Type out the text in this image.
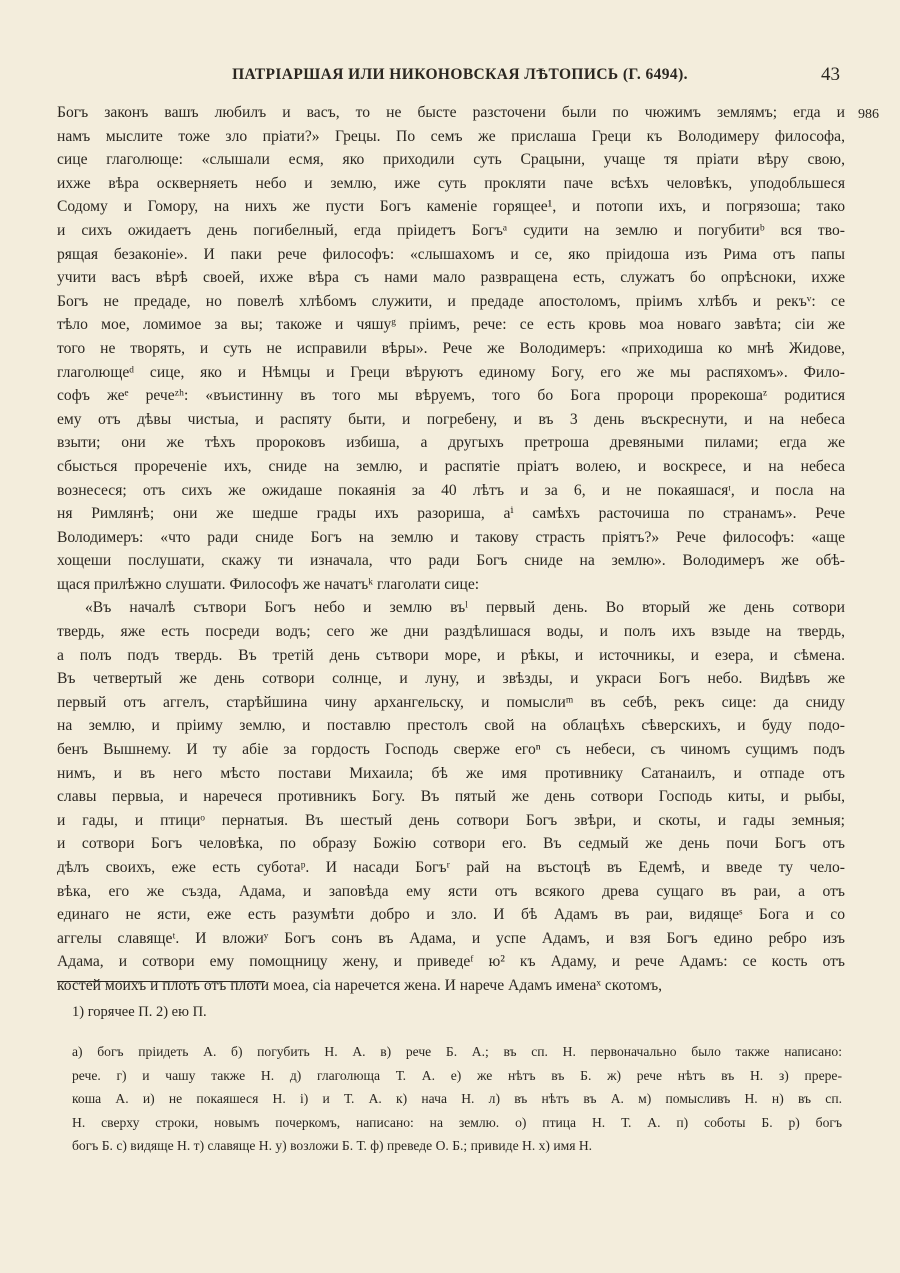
ПАТРІАРШАЯ ИЛИ НИКОНОВСКАЯ ЛѢТОПИСЬ (Г. 6494).	43
986
Богъ законъ вашъ любилъ и васъ, то не бысте разсточени были по чюжимъ землямъ; егда и
намъ мыслите тоже зло пріати?» Грецы. По семъ же прислаша Греци къ Володимеру философа,
сице глаголюще: «слышали есмя, яко приходили суть Срацыни, учаще тя пріати вѣру свою,
ихже вѣра оскверняеть небо и землю, иже суть прокляти паче всѣхъ человѣкъ, уподобльшеся
Содому и Гомору, на нихъ же пусти Богъ каменіе горящее¹, и потопи ихъ, и погрязоша; тако
и сихъ ожидаетъ день погибелный, егда пріидетъ Богъᵃ судити на землю и погубитиᵇ вся тво-
рящая безаконіе». И паки рече философъ: «слышахомъ и се, яко пріидоша изъ Рима отъ папы
учити васъ вѣрѣ своей, ихже вѣра съ нами мало развращена есть, служатъ бо опрѣсноки, ихже
Богъ не предаде, но повелѣ хлѣбомъ служити, и предаде апостоломъ, пріимъ хлѣбъ и рекъᵛ: се
тѣло мое, ломимое за вы; такоже и чяшуᵍ пріимъ, рече: се есть кровь моа новаго завѣта; сіи же
того не творять, и суть не исправили вѣры». Рече же Володимеръ: «приходиша ко мнѣ Жидове,
глаголющеᵈ сице, яко и Нѣмцы и Греци вѣруютъ единому Богу, его же мы распяхомъ». Фило-
софъ жеᵉ речеᶻʰ: «въистинну въ того мы вѣруемъ, того бо Бога пророци прорекошаᶻ родитися
ему отъ дѣвы чистыа, и распяту быти, и погребену, и въ 3 день въскреснути, и на небеса
взыти; они же тѣхъ пророковъ избиша, а другыхъ претроша древяными пилами; егда же
сбысться прореченіе ихъ, сниде на землю, и распятіе пріатъ волею, и воскресе, и на небеса
вознесеся; отъ сихъ же ожидаше покаянія за 40 лѣтъ и за 6, и не покаяшасяᶦ, и посла на
ня Римлянѣ; они же шедше грады ихъ разориша, аⁱ самѣхъ расточиша по странамъ». Рече
Володимеръ: «что ради сниде Богъ на землю и такову страсть пріятъ?» Рече философъ: «аще
хощеши послушати, скажу ти изначала, что ради Богъ сниде на землю». Володимеръ же обѣ-
щася прилѣжно слушати. Философъ же начатъᵏ глаголати сице:
«Въ началѣ сътвори Богъ небо и землю въˡ первый день. Во вторый же день сотвори
твердь, яже есть посреди водъ; сего же дни раздѣлишася воды, и полъ ихъ взыде на твердь,
а полъ подъ твердь. Въ третій день сътвори море, и рѣкы, и источникы, и езера, и сѣмена.
Въ четвертый же день сотвори солнце, и луну, и звѣзды, и украси Богъ небо. Видѣвъ же
первый отъ аггелъ, старѣйшина чину архангельску, и помыслиᵐ въ себѣ, рекъ сице: да сниду
на землю, и пріиму землю, и поставлю престолъ свой на облацѣхъ сѣверскихъ, и буду подо-
бенъ Вышнему. И ту абіе за гордость Господь сверже егоⁿ съ небеси, съ чиномъ сущимъ подъ
нимъ, и въ него мѣсто постави Михаила; бѣ же имя противнику Сатанаилъ, и отпаде отъ
славы первыа, и наречеся противникъ Богу. Въ пятый же день сотвори Господь киты, и рыбы,
и гады, и птициᵒ пернатыя. Въ шестый день сотвори Богъ звѣри, и скоты, и гады земныя;
и сотвори Богъ человѣка, по образу Божію сотвори его. Въ седмый же день почи Богъ отъ
дѣлъ своихъ, еже есть суботаᵖ. И насади Богъʳ рай на въстоцѣ въ Едемѣ, и введе ту чело-
вѣка, его же създа, Адама, и заповѣда ему ясти отъ всякого древа сущаго въ раи, а отъ
единаго не ясти, еже есть разумѣти добро и зло. И бѣ Адамъ въ раи, видящеˢ Бога и со
аггелы славящеᵗ. И вложиʸ Богъ сонъ въ Адама, и успе Адамъ, и взя Богъ едино ребро изъ
Адама, и сотвори ему помощницу жену, и приведеᶠ ю² къ Адаму, и рече Адамъ: се кость отъ
костей моихъ и плоть отъ плоти моеа, сіа наречется жена. И нарече Адамъ именаˣ скотомъ,
1) горячее П. 2) ею П.
а) богъ пріидеть А. б) погубить Н. А. в) рече Б. А.; въ сп. Н. первоначально было также написано:
рече. г) и чашу также Н. д) глаголюща Т. А. е) же нѣтъ въ Б. ж) рече нѣтъ въ Н. з) прере-
коша А. и) не покаяшеся Н. і) и Т. А. к) нача Н. л) въ нѣтъ въ А. м) помысливъ Н. н) въ сп.
Н. сверху строки, новымъ почеркомъ, написано: на землю. о) птица Н. Т. А. п) соботы Б. р) богъ
богъ Б. с) видяще Н. т) славяще Н. у) возложи Б. Т. ф) преведе О. Б.; привиде Н. х) имя Н.
